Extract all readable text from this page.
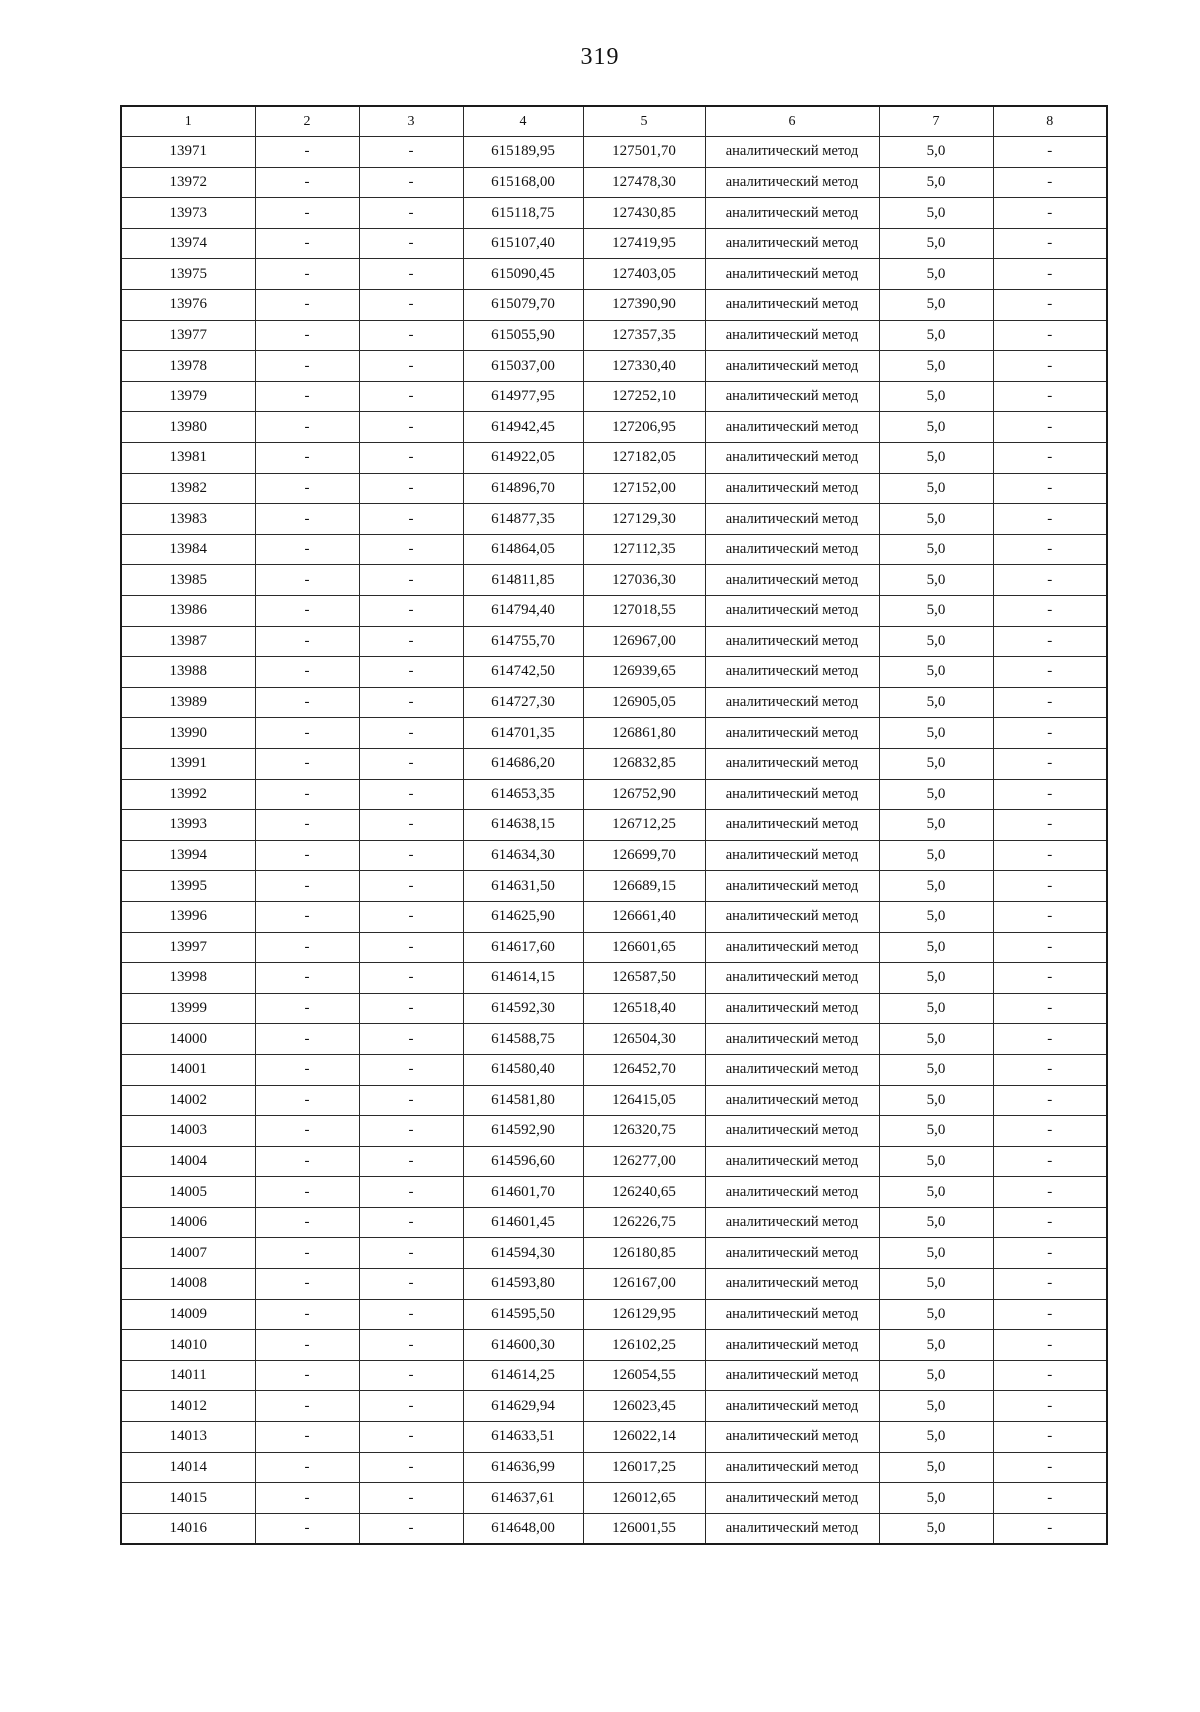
319
1	2	3	4	5	6	7	8
13971	-	-	615189,95	127501,70	аналитический метод	5,0	-
13972	-	-	615168,00	127478,30	аналитический метод	5,0	-
13973	-	-	615118,75	127430,85	аналитический метод	5,0	-
13974	-	-	615107,40	127419,95	аналитический метод	5,0	-
13975	-	-	615090,45	127403,05	аналитический метод	5,0	-
13976	-	-	615079,70	127390,90	аналитический метод	5,0	-
13977	-	-	615055,90	127357,35	аналитический метод	5,0	-
13978	-	-	615037,00	127330,40	аналитический метод	5,0	-
13979	-	-	614977,95	127252,10	аналитический метод	5,0	-
13980	-	-	614942,45	127206,95	аналитический метод	5,0	-
13981	-	-	614922,05	127182,05	аналитический метод	5,0	-
13982	-	-	614896,70	127152,00	аналитический метод	5,0	-
13983	-	-	614877,35	127129,30	аналитический метод	5,0	-
13984	-	-	614864,05	127112,35	аналитический метод	5,0	-
13985	-	-	614811,85	127036,30	аналитический метод	5,0	-
13986	-	-	614794,40	127018,55	аналитический метод	5,0	-
13987	-	-	614755,70	126967,00	аналитический метод	5,0	-
13988	-	-	614742,50	126939,65	аналитический метод	5,0	-
13989	-	-	614727,30	126905,05	аналитический метод	5,0	-
13990	-	-	614701,35	126861,80	аналитический метод	5,0	-
13991	-	-	614686,20	126832,85	аналитический метод	5,0	-
13992	-	-	614653,35	126752,90	аналитический метод	5,0	-
13993	-	-	614638,15	126712,25	аналитический метод	5,0	-
13994	-	-	614634,30	126699,70	аналитический метод	5,0	-
13995	-	-	614631,50	126689,15	аналитический метод	5,0	-
13996	-	-	614625,90	126661,40	аналитический метод	5,0	-
13997	-	-	614617,60	126601,65	аналитический метод	5,0	-
13998	-	-	614614,15	126587,50	аналитический метод	5,0	-
13999	-	-	614592,30	126518,40	аналитический метод	5,0	-
14000	-	-	614588,75	126504,30	аналитический метод	5,0	-
14001	-	-	614580,40	126452,70	аналитический метод	5,0	-
14002	-	-	614581,80	126415,05	аналитический метод	5,0	-
14003	-	-	614592,90	126320,75	аналитический метод	5,0	-
14004	-	-	614596,60	126277,00	аналитический метод	5,0	-
14005	-	-	614601,70	126240,65	аналитический метод	5,0	-
14006	-	-	614601,45	126226,75	аналитический метод	5,0	-
14007	-	-	614594,30	126180,85	аналитический метод	5,0	-
14008	-	-	614593,80	126167,00	аналитический метод	5,0	-
14009	-	-	614595,50	126129,95	аналитический метод	5,0	-
14010	-	-	614600,30	126102,25	аналитический метод	5,0	-
14011	-	-	614614,25	126054,55	аналитический метод	5,0	-
14012	-	-	614629,94	126023,45	аналитический метод	5,0	-
14013	-	-	614633,51	126022,14	аналитический метод	5,0	-
14014	-	-	614636,99	126017,25	аналитический метод	5,0	-
14015	-	-	614637,61	126012,65	аналитический метод	5,0	-
14016	-	-	614648,00	126001,55	аналитический метод	5,0	-
